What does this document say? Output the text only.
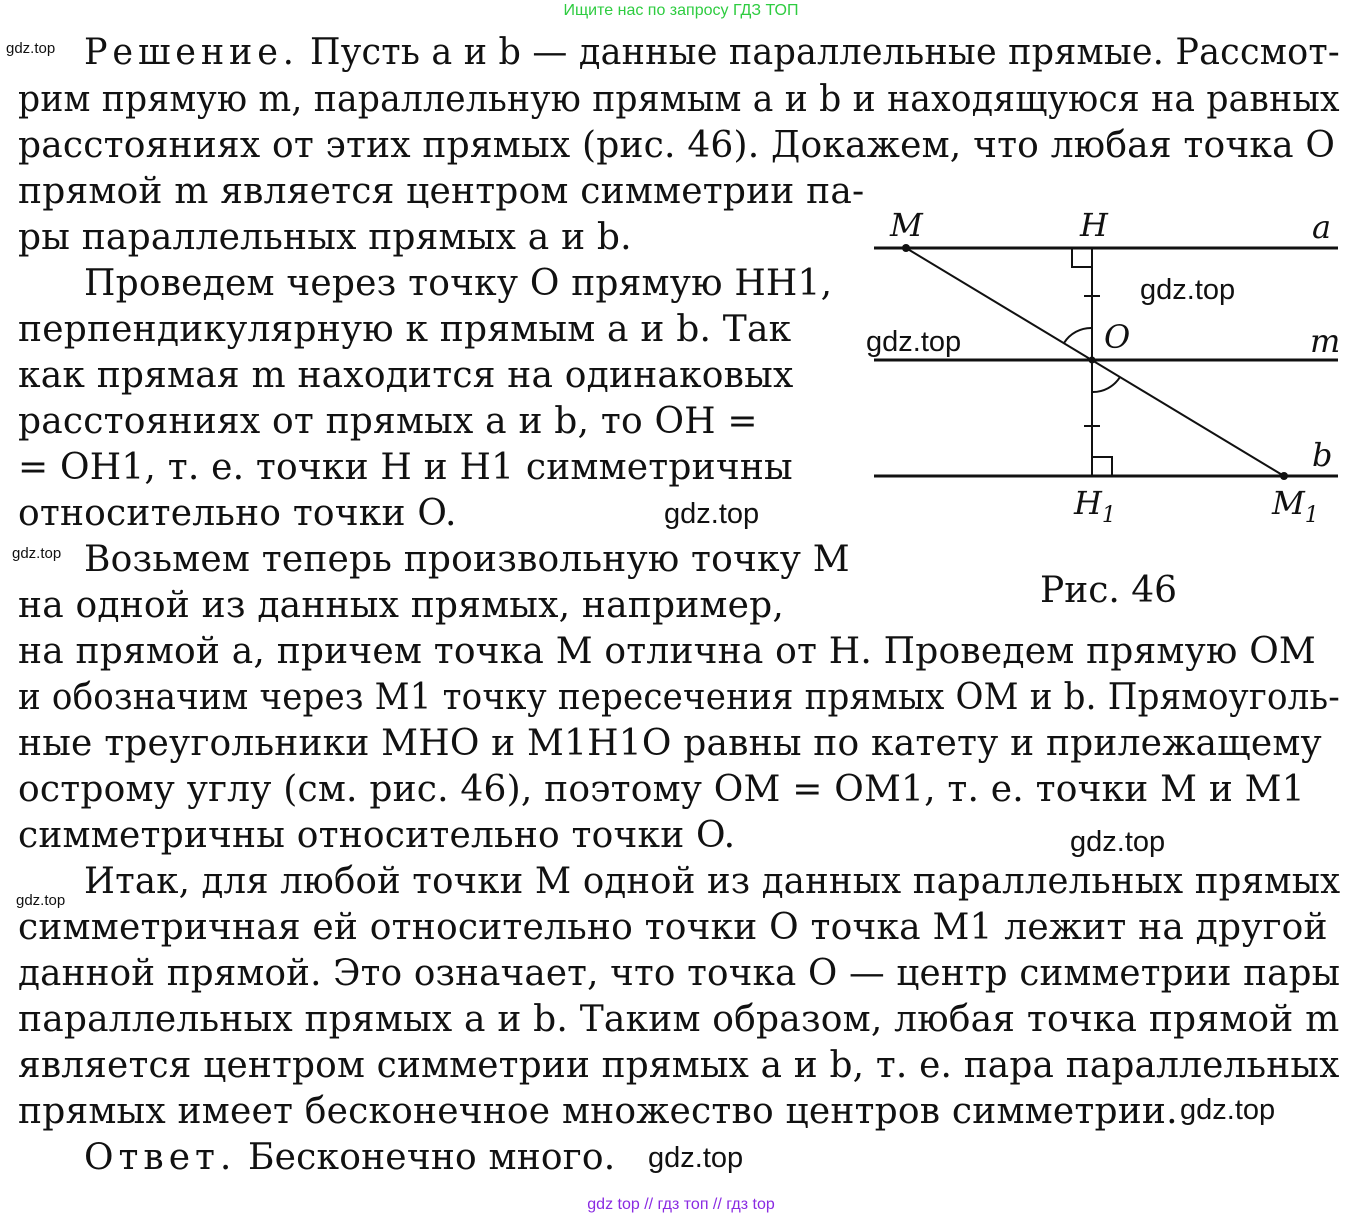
Ищите нас по запросу ГДЗ ТОП
gdz.top Решение. Пусть a и b — данные параллельные прямые. Рассмот-
рим прямую m, параллельную прямым a и b и находящуюся на равных
расстояниях от этих прямых (рис. 46). Докажем, что любая точка O
прямой m является центром симметрии па-
ры параллельных прямых a и b.
Проведем через точку O прямую HH1,
перпендикулярную к прямым a и b. Так
как прямая m находится на одинаковых
расстояниях от прямых a и b, то OH =
= OH1, т. е. точки H и H1 симметричны
относительно точки O.	gdz.top
gdz.top Возьмем теперь произвольную точку M
на одной из данных прямых, например,
на прямой a, причем точка M отлична от H. Проведем прямую OM
и обозначим через M1 точку пересечения прямых OM и b. Прямоуголь-
ные треугольники MHO и M1H1O равны по катету и прилежащему
острому углу (см. рис. 46), поэтому OM = OM1, т. е. точки M и M1
симметричны относительно точки O.	gdz.top
gdz.top Итак, для любой точки M одной из данных параллельных прямых
симметричная ей относительно точки O точка M1 лежит на другой
данной прямой. Это означает, что точка O — центр симметрии пары
параллельных прямых a и b. Таким образом, любая точка прямой m
является центром симметрии прямых a и b, т. е. пара параллельных
прямых имеет бесконечное множество центров симметрии. gdz.top
Ответ. Бесконечно много. gdz.top
M	H	a
O	m
b
$H_1$	$M_1$
gdz.top
gdz.top
Рис. 46
gdz top // гдз топ // гдз top
